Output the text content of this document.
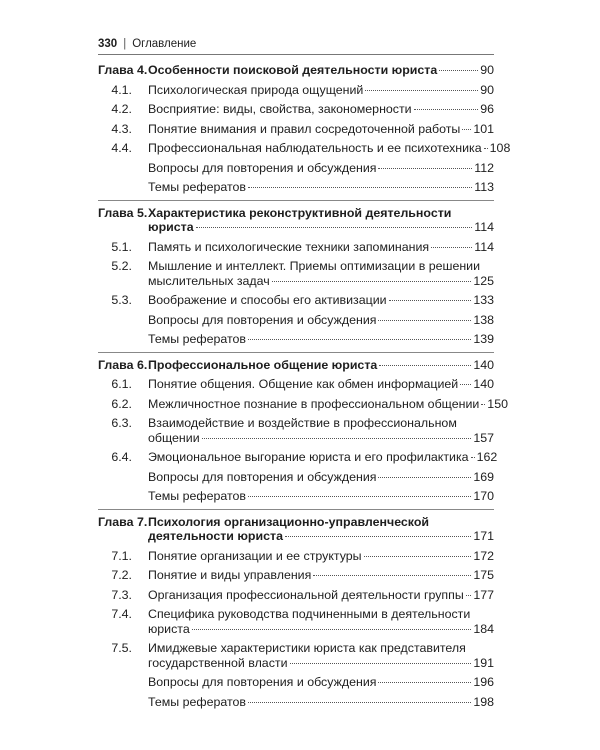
330 | Оглавление
Глава 4. Особенности поисковой деятельности юриста	90
4.1.	Психологическая природа ощущений	90
4.2.	Восприятие: виды, свойства, закономерности	96
4.3.	Понятие внимания и правил сосредоточенной работы 101
4.4.	Профессиональная наблюдательность и ее психотехника 108
Вопросы для повторения и обсуждения	112
Темы рефератов	113
Глава 5. Характеристика реконструктивной деятельности
юриста	114
5.1.	Память и психологические техники запоминания	114
5.2.	Мышление и интеллект. Приемы оптимизации в решении
мыслительных задач	125
5.3.	Воображение и способы его активизации	133
Вопросы для повторения и обсуждения	138
Темы рефератов	139
Глава 6. Профессиональное общение юриста	140
6.1.	Понятие общения. Общение как обмен информацией 140
6.2.	Межличностное познание в профессиональном общении 150
6.3.	Взаимодействие и воздействие в профессиональном
общении	157
6.4.	Эмоциональное выгорание юриста и его профилактика 162
Вопросы для повторения и обсуждения	169
Темы рефератов	170
Глава 7. Психология организационно-управленческой
деятельности юриста	171
7.1.	Понятие организации и ее структуры	172
7.2.	Понятие и виды управления	175
7.3.	Организация профессиональной деятельности группы 177
7.4.	Специфика руководства подчиненными в деятельности
юриста	184
7.5.	Имиджевые характеристики юриста как представителя
государственной власти	191
Вопросы для повторения и обсуждения	196
Темы рефератов	198
